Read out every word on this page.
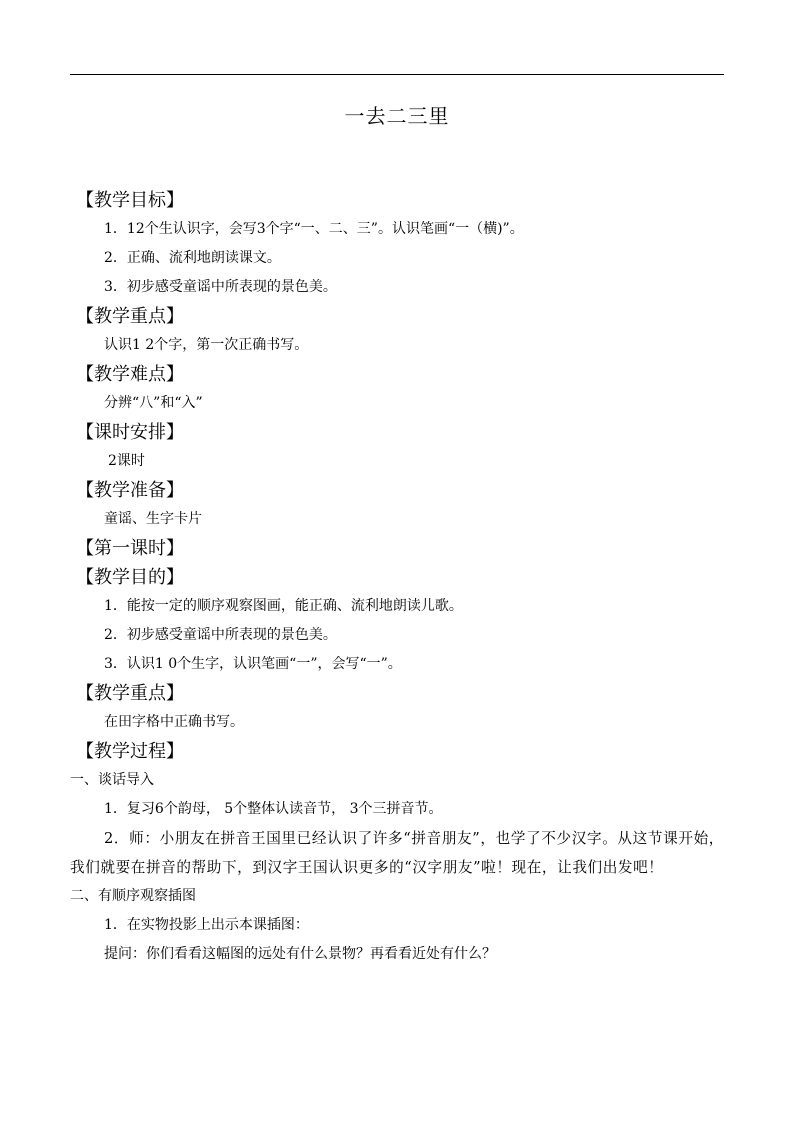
一去二三里
【教学目标】
1．12个生认识字，会写3个字“一、二、三”。认识笔画“一（横)”。
2．正确、流利地朗读课文。
3．初步感受童谣中所表现的景色美。
【教学重点】
认识1 2个字，第一次正确书写。
【教学难点】
分辨“八”和“入”
【课时安排】
2课时
【教学准备】
童谣、生字卡片
【第一课时】
【教学目的】
1．能按一定的顺序观察图画，能正确、流利地朗读儿歌。
2．初步感受童谣中所表现的景色美。
3．认识1 0个生字，认识笔画“一”，会写“一”。
【教学重点】
在田字格中正确书写。
【教学过程】
一、谈话导入
1．复习6个韵母， 5个整体认读音节， 3个三拼音节。
2．师：小朋友在拼音王国里已经认识了许多“拼音朋友”，也学了不少汉字。从这节课开始，我们就要在拼音的帮助下，到汉字王国认识更多的“汉字朋友”啦！现在，让我们出发吧！
二、有顺序观察插图
1．在实物投影上出示本课插图：
提问：你们看看这幅图的远处有什么景物？再看看近处有什么？
